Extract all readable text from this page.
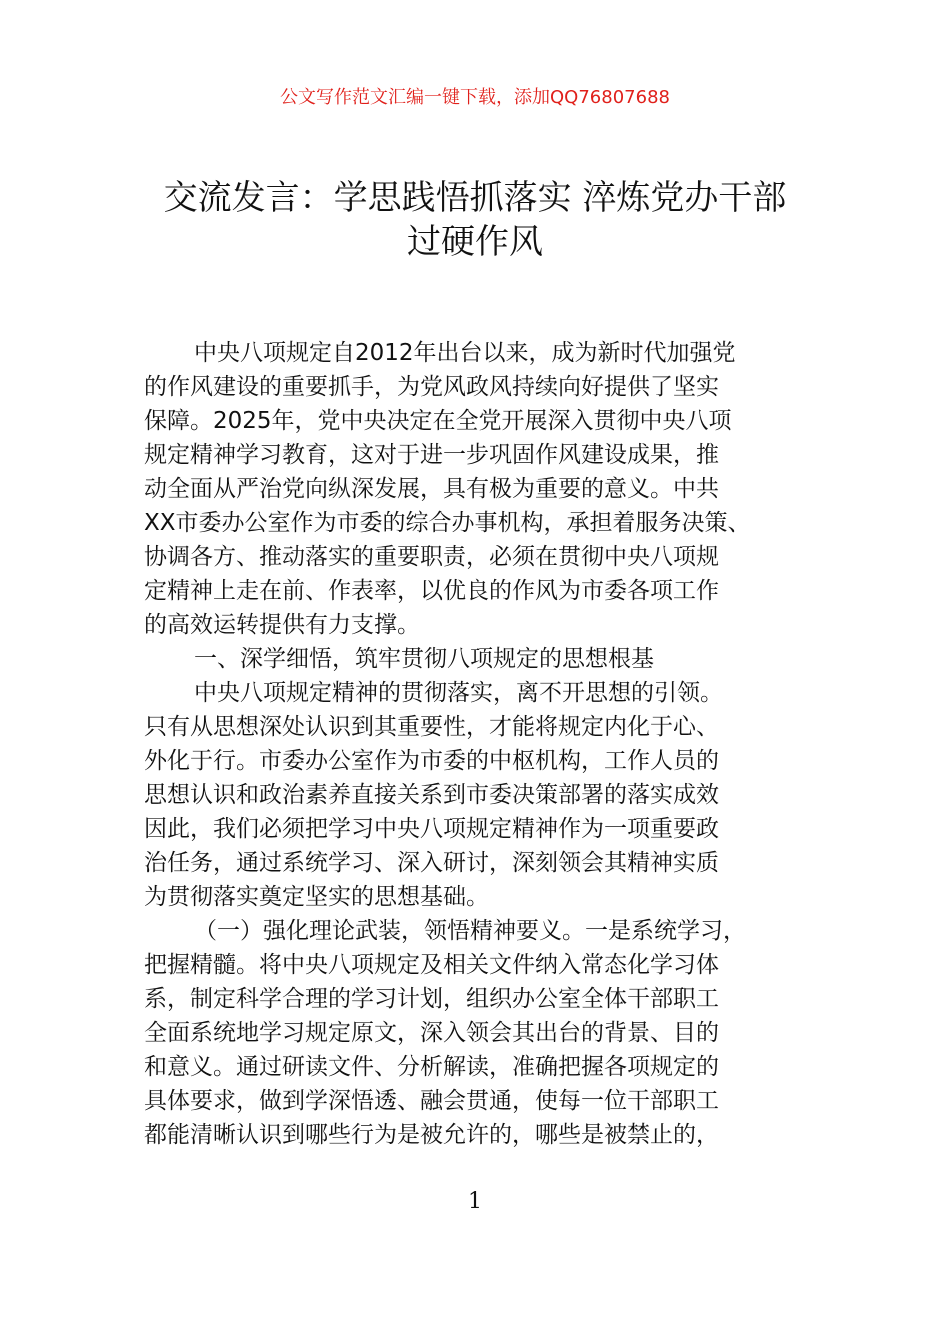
公文写作范文汇编一键下载，添加QQ76807688
交流发言：学思践悟抓落实 淬炼党办干部
过硬作风
中央八项规定自2012年出台以来，成为新时代加强党
的作风建设的重要抓手，为党风政风持续向好提供了坚实
保障。2025年，党中央决定在全党开展深入贯彻中央八项
规定精神学习教育，这对于进一步巩固作风建设成果，推
动全面从严治党向纵深发展，具有极为重要的意义。中共
XX市委办公室作为市委的综合办事机构，承担着服务决策、
协调各方、推动落实的重要职责，必须在贯彻中央八项规
定精神上走在前、作表率，以优良的作风为市委各项工作
的高效运转提供有力支撑。
一、深学细悟，筑牢贯彻八项规定的思想根基
中央八项规定精神的贯彻落实，离不开思想的引领。
只有从思想深处认识到其重要性，才能将规定内化于心、
外化于行。市委办公室作为市委的中枢机构，工作人员的
思想认识和政治素养直接关系到市委决策部署的落实成效
因此，我们必须把学习中央八项规定精神作为一项重要政
治任务，通过系统学习、深入研讨，深刻领会其精神实质
为贯彻落实奠定坚实的思想基础。
（一）强化理论武装，领悟精神要义。一是系统学习，
把握精髓。将中央八项规定及相关文件纳入常态化学习体
系，制定科学合理的学习计划，组织办公室全体干部职工
全面系统地学习规定原文，深入领会其出台的背景、目的
和意义。通过研读文件、分析解读，准确把握各项规定的
具体要求，做到学深悟透、融会贯通，使每一位干部职工
都能清晰认识到哪些行为是被允许的，哪些是被禁止的，
1
